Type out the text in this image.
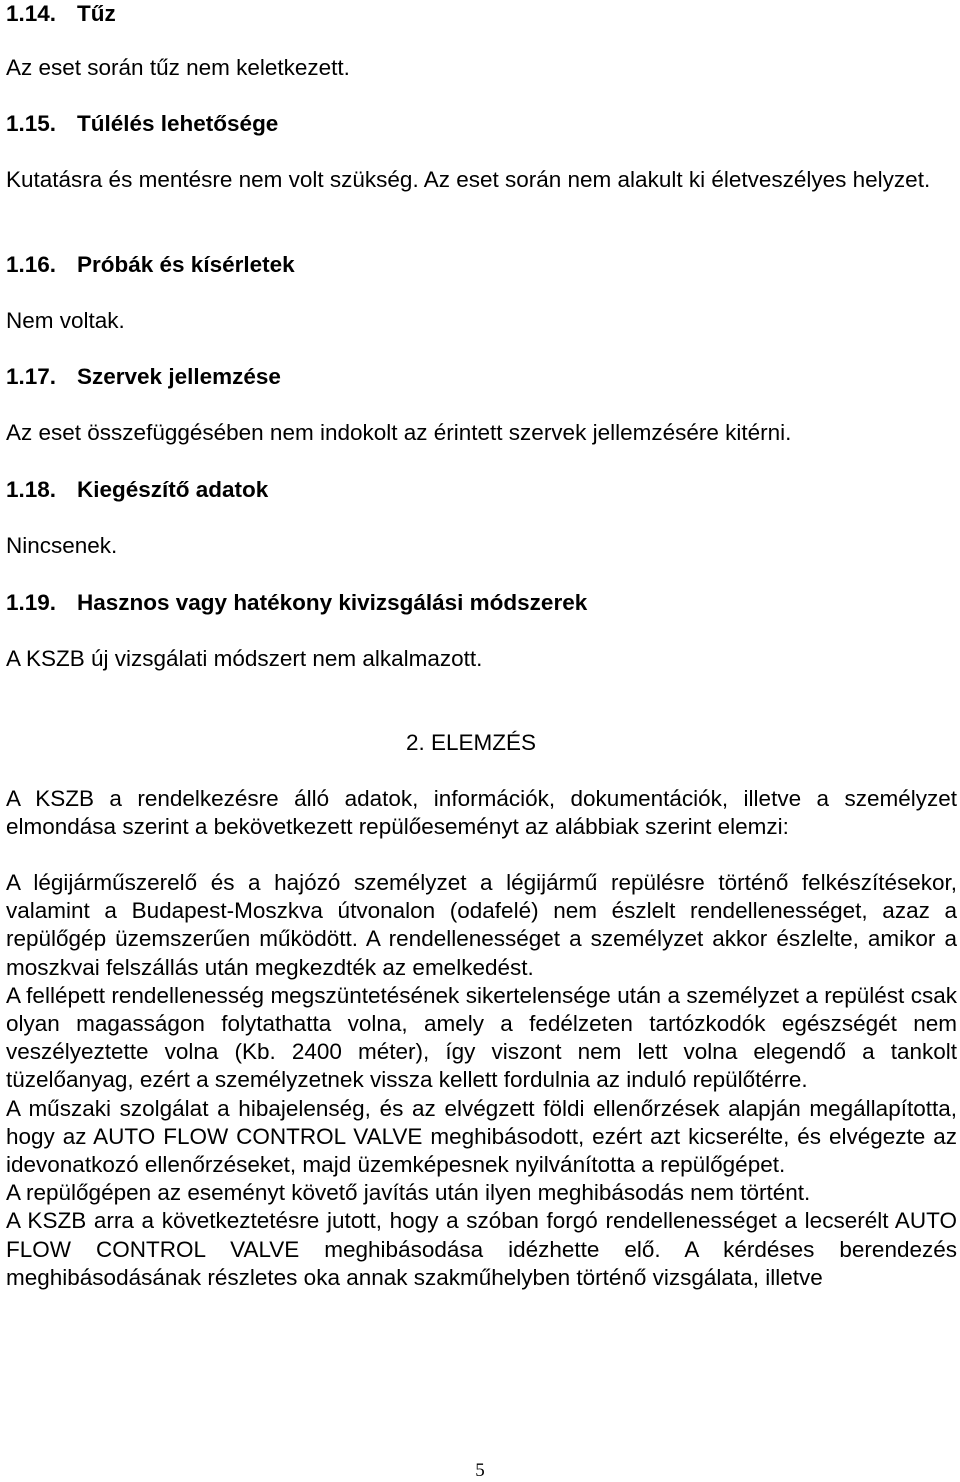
1.14. Tűz
Az eset során tűz nem keletkezett.
1.15. Túlélés lehetősége

Kutatásra és mentésre nem volt szükség. Az eset során nem alakult ki életveszélyes helyzet.

1.16. Próbák és kísérletek
Nem voltak.
1.17. Szervek jellemzése
Az eset összefüggésében nem indokolt az érintett szervek jellemzésére kitérni.
1.18. Kiegészítő adatok
Nincsenek.
1.19. Hasznos vagy hatékony kivizsgálási módszerek
A KSZB új vizsgálati módszert nem alkalmazott.
2. ELEMZÉS

A KSZB a rendelkezésre álló adatok, információk, dokumentációk, illetve a személyzet elmondása szerint a bekövetkezett repülőeseményt az alábbiak szerint elemzi:

A légijárműszerelő és a hajózó személyzet a légijármű repülésre történő felkészítésekor, valamint a Budapest-Moszkva útvonalon (odafelé) nem észlelt rendellenességet, azaz a repülőgép üzemszerűen működött. A rendellenességet a személyzet akkor észlelte, amikor a moszkvai felszállás után megkezdték az emelkedést.

A fellépett rendellenesség megszüntetésének sikertelensége után a személyzet a repülést csak olyan magasságon folytathatta volna, amely a fedélzeten tartózkodók egészségét nem veszélyeztette volna (Kb. 2400 méter), így viszont nem lett volna elegendő a tankolt tüzelőanyag, ezért a személyzetnek vissza kellett fordulnia az induló repülőtérre.

A műszaki szolgálat a hibajelenség, és az elvégzett földi ellenőrzések alapján megállapította, hogy az AUTO FLOW CONTROL VALVE meghibásodott, ezért azt kicserélte, és elvégezte az idevonatkozó ellenőrzéseket, majd üzemképesnek nyilvánította a repülőgépet.

A repülőgépen az eseményt követő javítás után ilyen meghibásodás nem történt.

A KSZB arra a következtetésre jutott, hogy a szóban forgó rendellenességet a lecserélt AUTO FLOW CONTROL VALVE meghibásodása idézhette elő. A kérdéses berendezés meghibásodásának részletes oka annak szakműhelyben történő vizsgálata, illetve

5
